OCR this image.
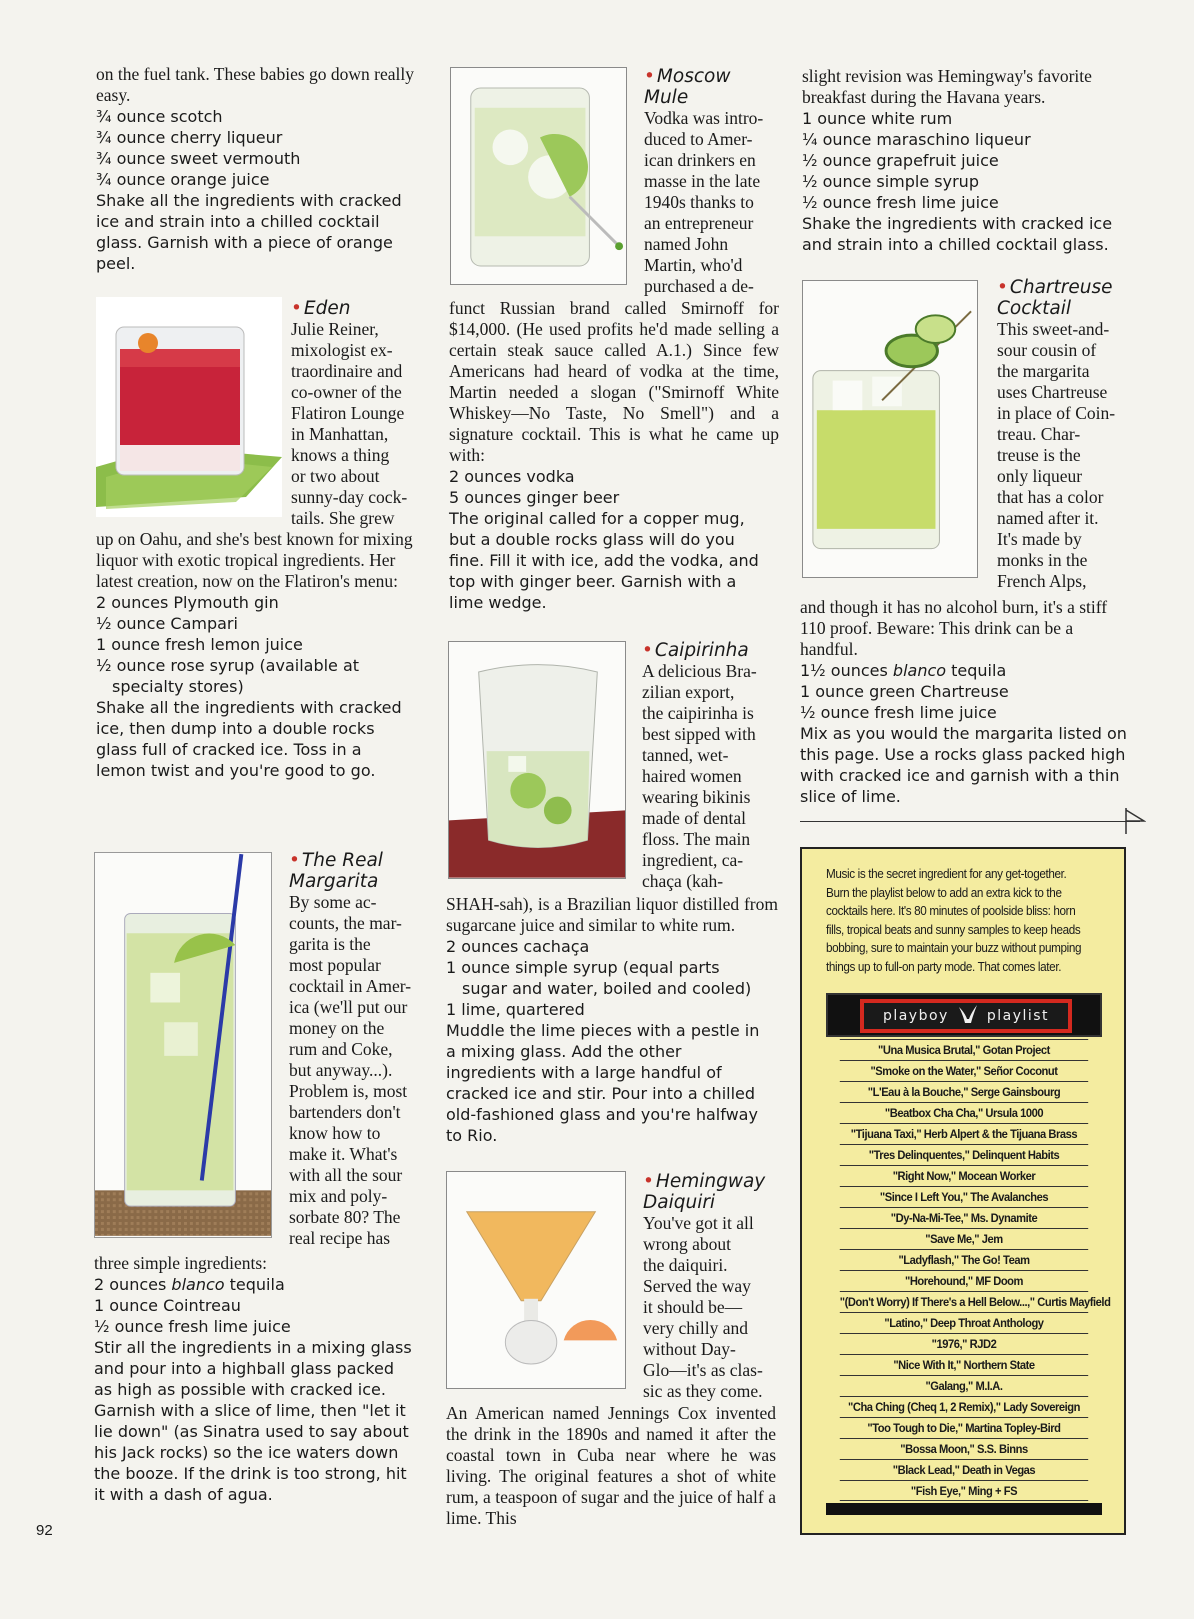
on the fuel tank. These babies go down really easy.
¾ ounce scotch
¾ ounce cherry liqueur
¾ ounce sweet vermouth
¾ ounce orange juice
Shake all the ingredients with cracked ice and strain into a chilled cocktail glass. Garnish with a piece of orange peel.
• Eden
Julie Reiner,
mixologist ex-
traordinaire and
co-owner of the
Flatiron Lounge
in Manhattan,
knows a thing
or two about
sunny-day cock-
tails. She grew
up on Oahu, and she's best known for mixing liquor with exotic tropical ingredients. Her latest creation, now on the Flatiron's menu:
2 ounces Plymouth gin
½ ounce Campari
1 ounce fresh lemon juice
½ ounce rose syrup (available at
specialty stores)
Shake all the ingredients with cracked ice, then dump into a double rocks glass full of cracked ice. Toss in a lemon twist and you're good to go.
• The Real
Margarita
By some ac-
counts, the mar-
garita is the
most popular
cocktail in Amer-
ica (we'll put our
money on the
rum and Coke,
but anyway...).
Problem is, most
bartenders don't
know how to
make it. What's
with all the sour
mix and poly-
sorbate 80? The
real recipe has
three simple ingredients:
2 ounces blanco tequila
1 ounce Cointreau
½ ounce fresh lime juice
Stir all the ingredients in a mixing glass and pour into a highball glass packed as high as possible with cracked ice. Garnish with a slice of lime, then "let it lie down" (as Sinatra used to say about his Jack rocks) so the ice waters down the booze. If the drink is too strong, hit it with a dash of agua.
• Moscow
Mule
Vodka was intro-
duced to Amer-
ican drinkers en
masse in the late
1940s thanks to
an entrepreneur
named John
Martin, who'd
purchased a de-
funct Russian brand called Smirnoff for $14,000. (He used profits he'd made selling a certain steak sauce called A.1.) Since few Americans had heard of vodka at the time, Martin needed a slogan ("Smirnoff White Whiskey—No Taste, No Smell") and a signature cocktail. This is what he came up with:
2 ounces vodka
5 ounces ginger beer
The original called for a copper mug, but a double rocks glass will do you fine. Fill it with ice, add the vodka, and top with ginger beer. Garnish with a lime wedge.
• Caipirinha
A delicious Bra-
zilian export,
the caipirinha is
best sipped with
tanned, wet-
haired women
wearing bikinis
made of dental
floss. The main
ingredient, ca-
chaça (kah-
SHAH-sah), is a Brazilian liquor distilled from sugarcane juice and similar to white rum.
2 ounces cachaça
1 ounce simple syrup (equal parts
sugar and water, boiled and cooled)
1 lime, quartered
Muddle the lime pieces with a pestle in a mixing glass. Add the other ingredients with a large handful of cracked ice and stir. Pour into a chilled old-fashioned glass and you're halfway to Rio.
• Hemingway
Daiquiri
You've got it all
wrong about
the daiquiri.
Served the way
it should be—
very chilly and
without Day-
Glo—it's as clas-
sic as they come.
An American named Jennings Cox invented the drink in the 1890s and named it after the coastal town in Cuba near where he was living. The original features a shot of white rum, a teaspoon of sugar and the juice of half a lime. This
slight revision was Hemingway's favorite breakfast during the Havana years.
1 ounce white rum
¼ ounce maraschino liqueur
½ ounce grapefruit juice
½ ounce simple syrup
½ ounce fresh lime juice
Shake the ingredients with cracked ice and strain into a chilled cocktail glass.
• Chartreuse
Cocktail
This sweet-and-
sour cousin of
the margarita
uses Chartreuse
in place of Coin-
treau. Char-
treuse is the
only liqueur
that has a color
named after it.
It's made by
monks in the
French Alps,
and though it has no alcohol burn, it's a stiff 110 proof. Beware: This drink can be a handful.
1½ ounces blanco tequila
1 ounce green Chartreuse
½ ounce fresh lime juice
Mix as you would the margarita listed on this page. Use a rocks glass packed high with cracked ice and garnish with a thin slice of lime.
Music is the secret ingredient for any get-together. Burn the playlist below to add an extra kick to the cocktails here. It's 80 minutes of poolside bliss: horn fills, tropical beats and sunny samples to keep heads bobbing, sure to maintain your buzz without pumping things up to full-on party mode. That comes later.
playboy	playlist
"Una Musica Brutal," Gotan Project
"Smoke on the Water," Señor Coconut
"L'Eau à la Bouche," Serge Gainsbourg
"Beatbox Cha Cha," Ursula 1000
"Tijuana Taxi," Herb Alpert & the Tijuana Brass
"Tres Delinquentes," Delinquent Habits
"Right Now," Mocean Worker
"Since I Left You," The Avalanches
"Dy-Na-Mi-Tee," Ms. Dynamite
"Save Me," Jem
"Ladyflash," The Go! Team
"Horehound," MF Doom
"(Don't Worry) If There's a Hell Below...," Curtis Mayfield
"Latino," Deep Throat Anthology
"1976," RJD2
"Nice With It," Northern State
"Galang," M.I.A.
"Cha Ching (Cheq 1, 2 Remix)," Lady Sovereign
"Too Tough to Die," Martina Topley-Bird
"Bossa Moon," S.S. Binns
"Black Lead," Death in Vegas
"Fish Eye," Ming + FS
92
